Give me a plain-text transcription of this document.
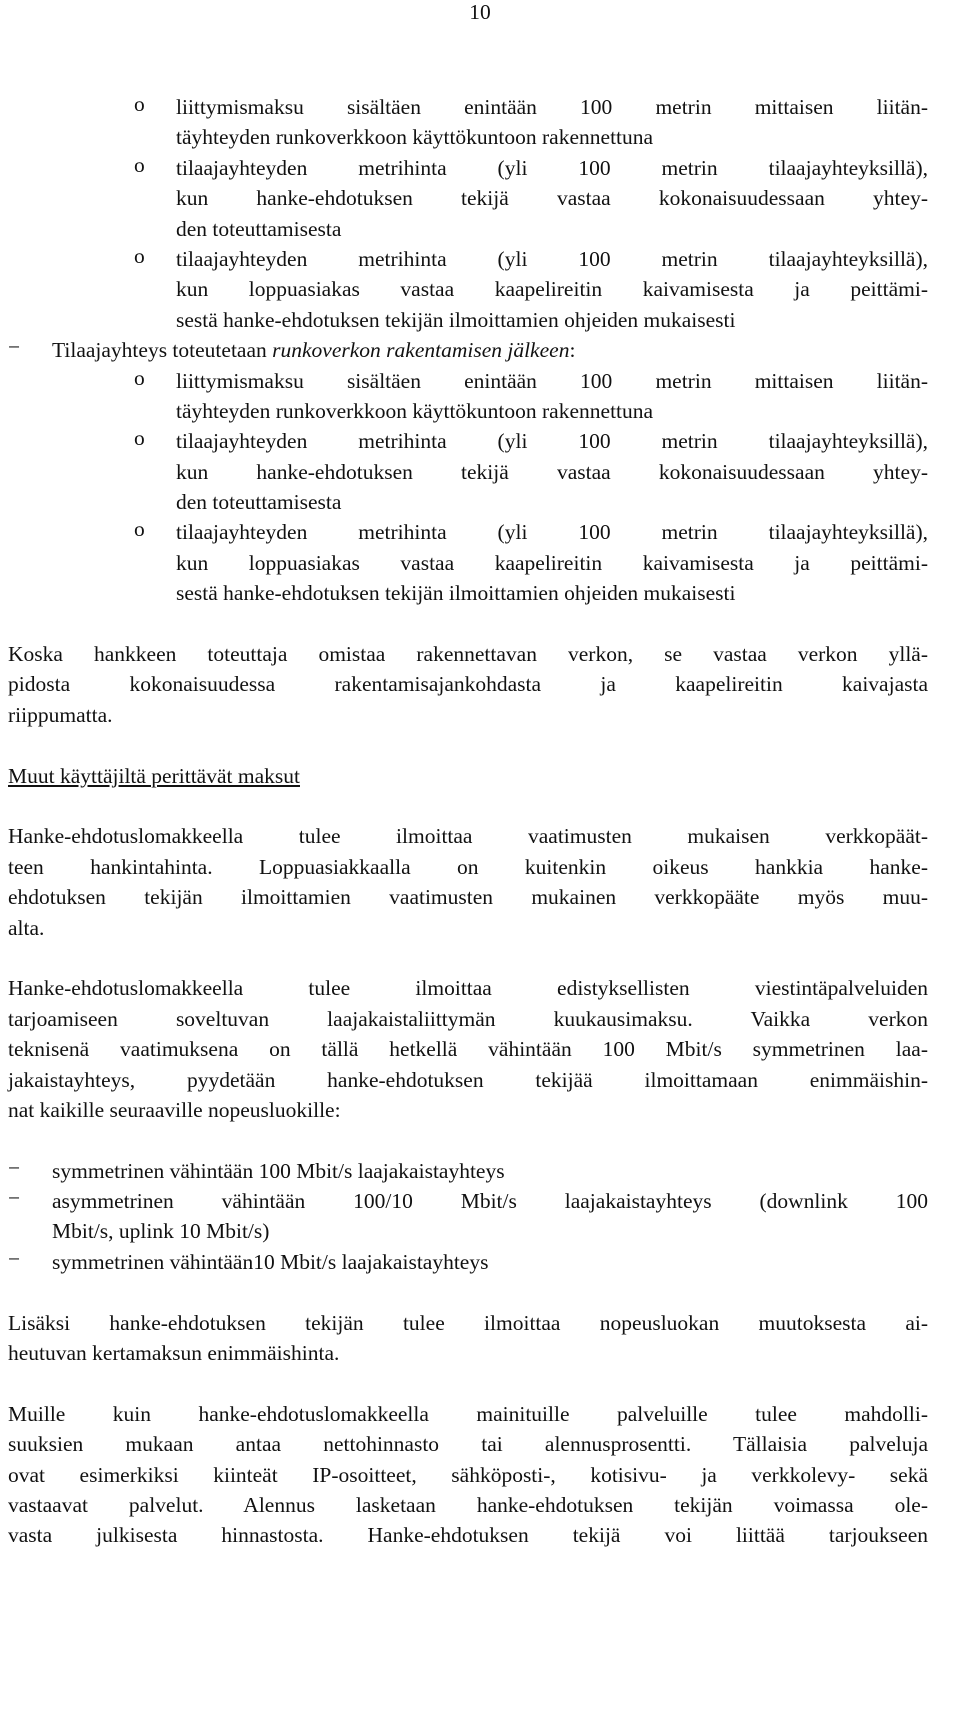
10
o liittymismaksu sisältäen enintään 100 metrin mittaisen liitän-
täyhteyden runkoverkkoon käyttökuntoon rakennettuna
o tilaajayhteyden metrihinta (yli 100 metrin tilaajayhteyksillä),
kun hanke-ehdotuksen tekijä vastaa kokonaisuudessaan yhtey-
den toteuttamisesta
o tilaajayhteyden metrihinta (yli 100 metrin tilaajayhteyksillä),
kun loppuasiakas vastaa kaapelireitin kaivamisesta ja peittämi-
sestä hanke-ehdotuksen tekijän ilmoittamien ohjeiden mukaisesti
− Tilaajayhteys toteutetaan runkoverkon rakentamisen jälkeen:
o liittymismaksu sisältäen enintään 100 metrin mittaisen liitän-
täyhteyden runkoverkkoon käyttökuntoon rakennettuna
o tilaajayhteyden metrihinta (yli 100 metrin tilaajayhteyksillä),
kun hanke-ehdotuksen tekijä vastaa kokonaisuudessaan yhtey-
den toteuttamisesta
o tilaajayhteyden metrihinta (yli 100 metrin tilaajayhteyksillä),
kun loppuasiakas vastaa kaapelireitin kaivamisesta ja peittämi-
sestä hanke-ehdotuksen tekijän ilmoittamien ohjeiden mukaisesti
Koska hankkeen toteuttaja omistaa rakennettavan verkon, se vastaa verkon yllä-
pidosta kokonaisuudessa rakentamisajankohdasta ja kaapelireitin kaivajasta
riippumatta.
Muut käyttäjiltä perittävät maksut
Hanke-ehdotuslomakkeella tulee ilmoittaa vaatimusten mukaisen verkkopäät-
teen hankintahinta. Loppuasiakkaalla on kuitenkin oikeus hankkia hanke-
ehdotuksen tekijän ilmoittamien vaatimusten mukainen verkkopääte myös muu-
alta.
Hanke-ehdotuslomakkeella tulee ilmoittaa edistyksellisten viestintäpalveluiden
tarjoamiseen soveltuvan laajakaistaliittymän kuukausimaksu. Vaikka verkon
teknisenä vaatimuksena on tällä hetkellä vähintään 100 Mbit/s symmetrinen laa-
jakaistayhteys, pyydetään hanke-ehdotuksen tekijää ilmoittamaan enimmäishin-
nat kaikille seuraaville nopeusluokille:
− symmetrinen vähintään 100 Mbit/s laajakaistayhteys
− asymmetrinen vähintään 100/10 Mbit/s laajakaistayhteys (downlink 100
Mbit/s, uplink 10 Mbit/s)
− symmetrinen vähintään10 Mbit/s laajakaistayhteys
Lisäksi hanke-ehdotuksen tekijän tulee ilmoittaa nopeusluokan muutoksesta ai-
heutuvan kertamaksun enimmäishinta.
Muille kuin hanke-ehdotuslomakkeella mainituille palveluille tulee mahdolli-
suuksien mukaan antaa nettohinnasto tai alennusprosentti. Tällaisia palveluja
ovat esimerkiksi kiinteät IP-osoitteet, sähköposti-, kotisivu- ja verkkolevy- sekä
vastaavat palvelut. Alennus lasketaan hanke-ehdotuksen tekijän voimassa ole-
vasta julkisesta hinnastosta. Hanke-ehdotuksen tekijä voi liittää tarjoukseen
